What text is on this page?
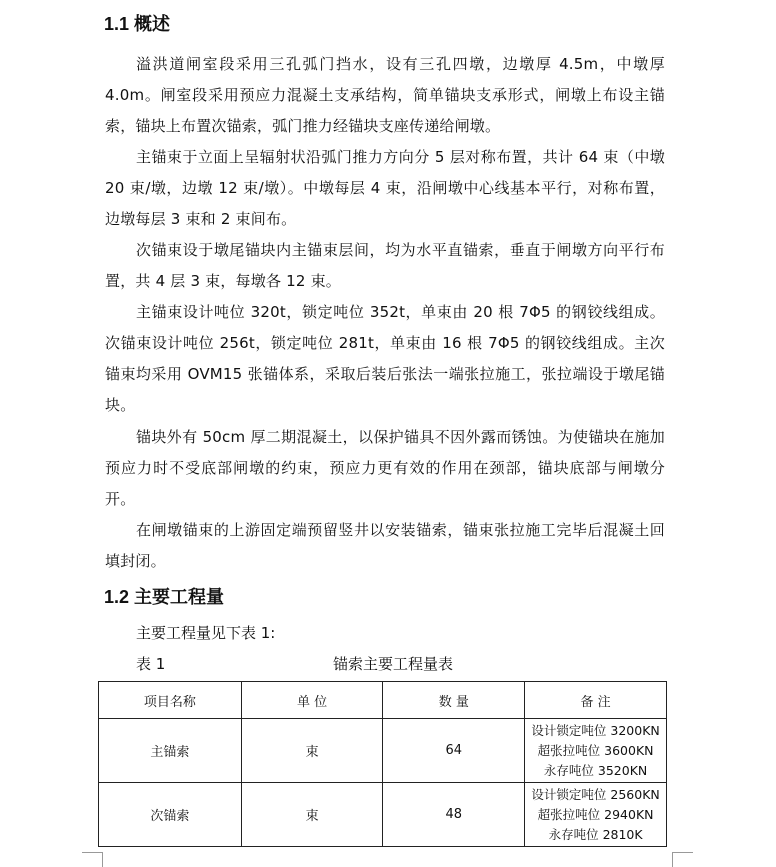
1.1 概述

溢洪道闸室段采用三孔弧门挡水，设有三孔四墩，边墩厚 4.5m，中墩厚 4.0m。闸室段采用预应力混凝土支承结构，简单锚块支承形式，闸墩上布设主锚索，锚块上布置次锚索，弧门推力经锚块支座传递给闸墩。

主锚束于立面上呈辐射状沿弧门推力方向分 5 层对称布置，共计 64 束（中墩 20 束/墩，边墩 12 束/墩）。中墩每层 4 束，沿闸墩中心线基本平行，对称布置，边墩每层 3 束和 2 束间布。

次锚束设于墩尾锚块内主锚束层间，均为水平直锚索，垂直于闸墩方向平行布置，共 4 层 3 束，每墩各 12 束。

主锚束设计吨位 320t，锁定吨位 352t，单束由 20 根 7Φ5 的钢铰线组成。次锚束设计吨位 256t，锁定吨位 281t，单束由 16 根 7Φ5 的钢铰线组成。主次锚束均采用 OVM15 张锚体系，采取后装后张法一端张拉施工，张拉端设于墩尾锚块。

锚块外有 50cm 厚二期混凝土，以保护锚具不因外露而锈蚀。为使锚块在施加预应力时不受底部闸墩的约束，预应力更有效的作用在颈部，锚块底部与闸墩分开。

在闸墩锚束的上游固定端预留竖井以安装锚索，锚束张拉施工完毕后混凝土回填封闭。

1.2 主要工程量
主要工程量见下表 1:
表 1	锚索主要工程量表
项目名称	单 位	数 量	备 注
主锚索	束	64	设计锁定吨位 3200KN
超张拉吨位 3600KN
永存吨位 3520KN

次锚索	束	48	设计锁定吨位 2560KN
超张拉吨位 2940KN
永存吨位 2810K
